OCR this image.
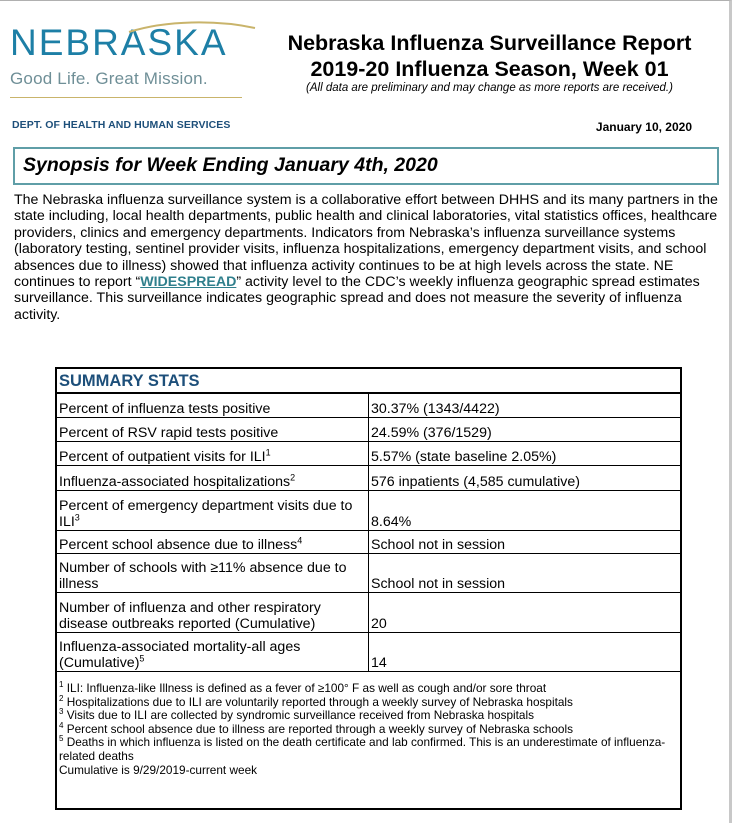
NEBRASKA
Good Life. Great Mission.
DEPT. OF HEALTH AND HUMAN SERVICES
Nebraska Influenza Surveillance Report
2019-20 Influenza Season, Week 01
(All data are preliminary and may change as more reports are received.)
January 10, 2020
Synopsis for Week Ending January 4th, 2020
The Nebraska influenza surveillance system is a collaborative effort between DHHS and its many partners in the state including, local health departments, public health and clinical laboratories, vital statistics offices, healthcare providers, clinics and emergency departments. Indicators from Nebraska’s influenza surveillance systems (laboratory testing, sentinel provider visits, influenza hospitalizations, emergency department visits, and school absences due to illness) showed that influenza activity continues to be at high levels across the state. NE continues to report “WIDESPREAD” activity level to the CDC’s weekly influenza geographic spread estimates surveillance. This surveillance indicates geographic spread and does not measure the severity of influenza activity.
SUMMARY STATS
Percent of influenza tests positive	30.37% (1343/4422)
Percent of RSV rapid tests positive	24.59% (376/1529)
Percent of outpatient visits for ILI$^1$	5.57% (state baseline 2.05%)
Influenza-associated hospitalizations$^2$	576 inpatients (4,585 cumulative)
Percent of emergency department visits due to ILI$^3$	8.64%
Percent school absence due to illness$^4$	School not in session
Number of schools with ≥11% absence due to illness	School not in session
Number of influenza and other respiratory disease outbreaks reported (Cumulative)	20
Influenza-associated mortality-all ages (Cumulative)$^5$	14
$^1$ ILI: Influenza-like Illness is defined as a fever of ≥100° F as well as cough and/or sore throat
$^2$ Hospitalizations due to ILI are voluntarily reported through a weekly survey of Nebraska hospitals
$^3$ Visits due to ILI are collected by syndromic surveillance received from Nebraska hospitals
$^4$ Percent school absence due to illness are reported through a weekly survey of Nebraska schools
$^5$ Deaths in which influenza is listed on the death certificate and lab confirmed. This is an underestimate of influenza-related deaths
Cumulative is 9/29/2019-current week
